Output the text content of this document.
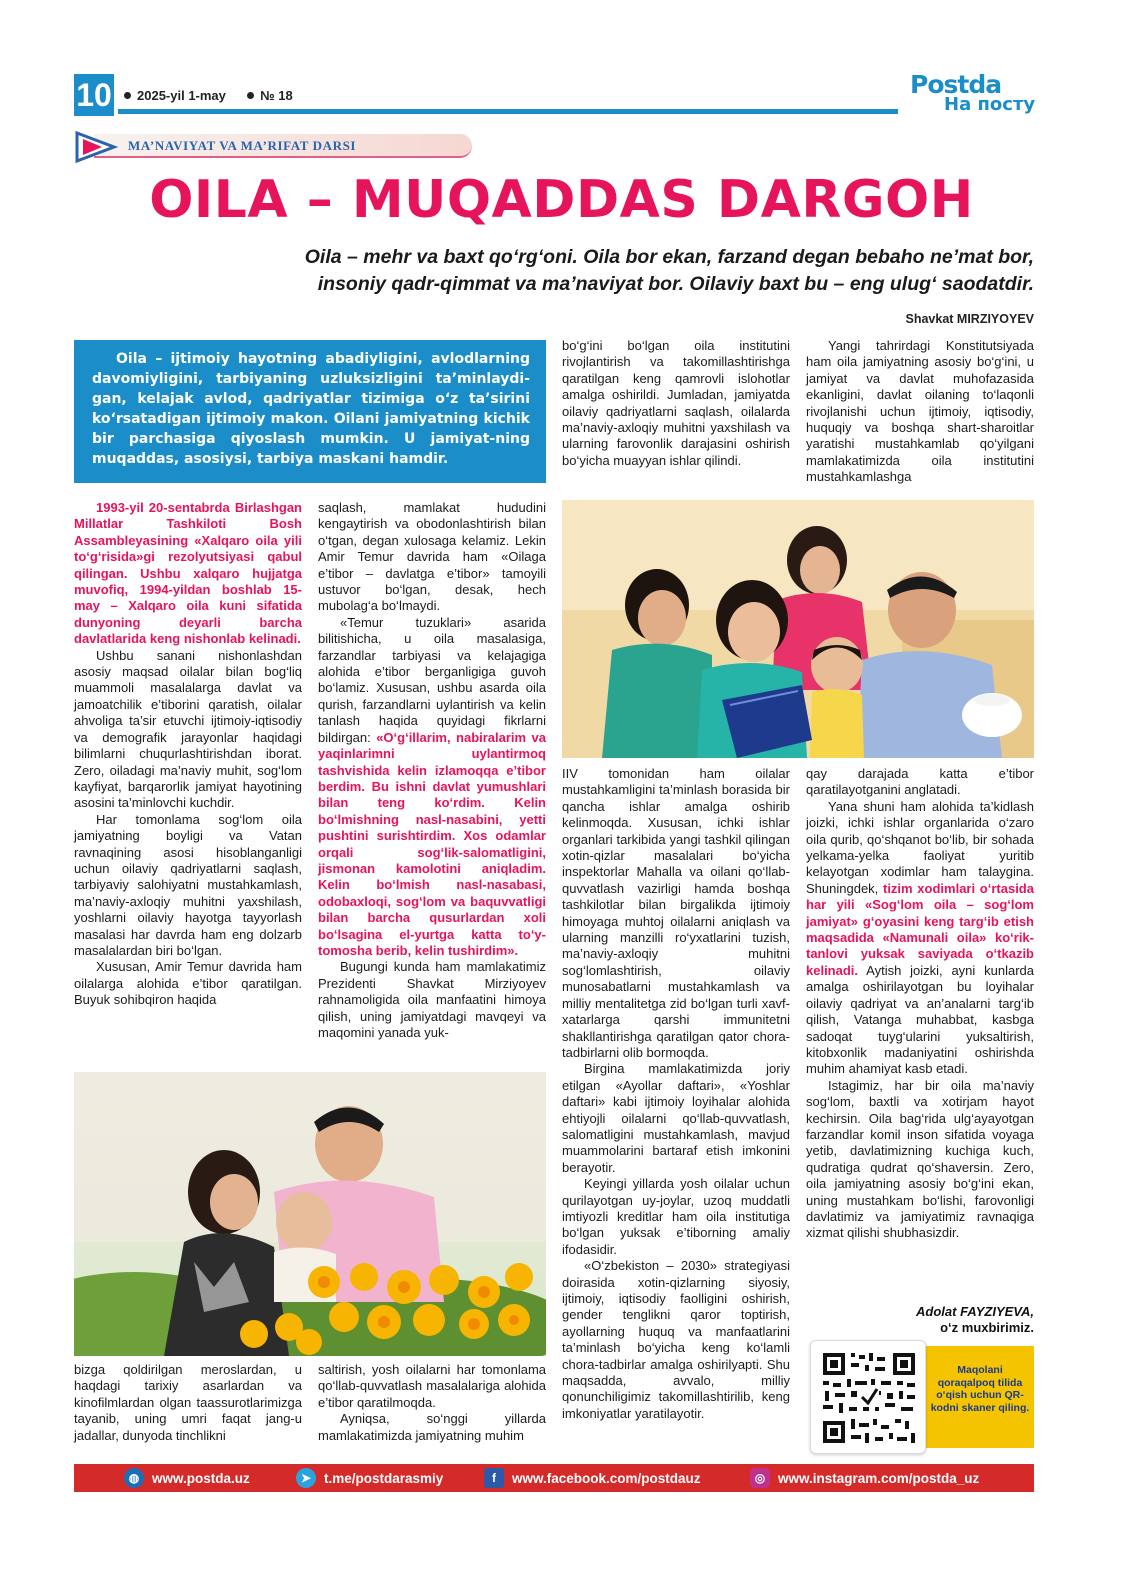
10	2025-yil 1-may	№ 18	Postda
На посту
MA’NAVIYAT VA MA’RIFAT DARSI
OILA – MUQADDAS DARGOH
Oila – mehr va baxt qo‘rg‘oni. Oila bor ekan, farzand degan bebaho ne’mat bor,
insoniy qadr-qimmat va ma’naviyat bor. Oilaviy baxt bu – eng ulug‘ saodatdir.
Shavkat MIRZIYOYEV
Oila – ijtimoiy hayotning abadiyligini, avlodlarning davomiyligini, tarbiyaning uzluksizligini ta’minlaydi-gan, kelajak avlod, qadriyatlar tizimiga o‘z ta’sirini ko‘rsatadigan ijtimoiy makon. Oilani jamiyatning kichik bir parchasiga qiyoslash mumkin. U jamiyat-ning muqaddas, asosiysi, tarbiya maskani hamdir.

1993-yil 20-sentabrda Birlashgan Millatlar Tashkiloti Bosh Assambleyasining «Xalqaro oila yili to‘g‘risida»gi rezolyutsiyasi qabul qilingan. Ushbu xalqaro hujjatga muvofiq, 1994-yildan boshlab 15-may – Xalqaro oila kuni sifatida dunyoning deyarli barcha davlatlarida keng nishonlab kelinadi.

Ushbu sanani nishonlashdan asosiy maqsad oilalar bilan bog‘liq muammoli masalalarga davlat va jamoatchilik e’tiborini qaratish, oilalar ahvoliga ta’sir etuvchi ijtimoiy-iqtisodiy va demografik jarayonlar haqidagi bilimlarni chuqurlashtirishdan iborat. Zero, oiladagi ma’naviy muhit, sog‘lom kayfiyat, barqarorlik jamiyat hayotining asosini ta’minlovchi kuchdir.

Har tomonlama sog‘lom oila jamiyatning boyligi va Vatan ravnaqining asosi hisoblanganligi uchun oilaviy qadriyatlarni saqlash, tarbiyaviy salohiyatni mustahkamlash, ma’naviy-axloqiy muhitni yaxshilash, yoshlarni oilaviy hayotga tayyorlash masalasi har davrda ham eng dolzarb masalalardan biri bo‘lgan.

Xususan, Amir Temur davrida ham oilalarga alohida e’tibor qaratilgan. Buyuk sohibqiron haqida

saqlash, mamlakat hududini kengaytirish va obodonlashtirish bilan o‘tgan, degan xulosaga kelamiz. Lekin Amir Temur davrida ham «Oilaga e’tibor – davlatga e’tibor» tamoyili ustuvor bo‘lgan, desak, hech mubolag‘a bo‘lmaydi.

«Temur tuzuklari» asarida bilitishicha, u oila masalasiga, farzandlar tarbiyasi va kelajagiga alohida e’tibor berganligiga guvoh bo‘lamiz. Xususan, ushbu asarda oila qurish, farzandlarni uylantirish va kelin tanlash haqida quyidagi fikrlarni bildirgan: «O‘g‘illarim, nabiralarim va yaqinlarimni uylantirmoq tashvishida kelin izlamoqqa e’tibor berdim. Bu ishni davlat yumushlari bilan teng ko‘rdim. Kelin bo‘lmishning nasl-nasabini, yetti pushtini surishtirdim. Xos odamlar orqali sog‘lik-salomatligini, jismonan kamolotini aniqladim. Kelin bo‘lmish nasl-nasabasi, odobaxloqi, sog‘lom va baquvvatligi bilan barcha qusurlardan xoli bo‘lsagina el-yurtga katta to‘y-tomosha berib, kelin tushirdim».

Bugungi kunda ham mamlakatimiz Prezidenti Shavkat Mirziyoyev rahnamoligida oila manfaatini himoya qilish, uning jamiyatdagi mavqeyi va maqomini yanada yuk-

bizga qoldirilgan meroslardan, u haqdagi tarixiy asarlardan va kinofilmlardan olgan taassurotlarimizga tayanib, uning umri faqat jang-u jadallar, dunyoda tinchlikni

saltirish, yosh oilalarni har tomonlama qo‘llab-quvvatlash masalalariga alohida e’tibor qaratilmoqda.

Ayniqsa, so‘nggi yillarda mamlakatimizda jamiyatning muhim

bo‘g‘ini bo‘lgan oila institutini rivojlantirish va takomillashtirishga qaratilgan keng qamrovli islohotlar amalga oshirildi. Jumladan, jamiyatda oilaviy qadriyatlarni saqlash, oilalarda ma’naviy-axloqiy muhitni yaxshilash va ularning farovonlik darajasini oshirish bo‘yicha muayyan ishlar qilindi.

Yangi tahrirdagi Konstitutsiyada ham oila jamiyatning asosiy bo‘g‘ini, u jamiyat va davlat muhofazasida ekanligini, davlat oilaning to‘laqonli rivojlanishi uchun ijtimoiy, iqtisodiy, huquqiy va boshqa shart-sharoitlar yaratishi mustahkamlab qo‘yilgani mamlakatimizda oila institutini mustahkamlashga

IIV tomonidan ham oilalar mustahkamligini ta’minlash borasida bir qancha ishlar amalga oshirib kelinmoqda. Xususan, ichki ishlar organlari tarkibida yangi tashkil qilingan xotin-qizlar masalalari bo‘yicha inspektorlar Mahalla va oilani qo‘llab-quvvatlash vazirligi hamda boshqa tashkilotlar bilan birgalikda ijtimoiy himoyaga muhtoj oilalarni aniqlash va ularning manzilli ro‘yxatlarini tuzish, ma’naviy-axloqiy muhitni sog‘lomlashtirish, oilaviy munosabatlarni mustahkamlash va milliy mentalitetga zid bo‘lgan turli xavf-xatarlarga qarshi immunitetni shakllantirishga qaratilgan qator chora-tadbirlarni olib bormoqda.

Birgina mamlakatimizda joriy etilgan «Ayollar daftari», «Yoshlar daftari» kabi ijtimoiy loyihalar alohida ehtiyojli oilalarni qo‘llab-quvvatlash, salomatligini mustahkamlash, mavjud muammolarini bartaraf etish imkonini berayotir.

Keyingi yillarda yosh oilalar uchun qurilayotgan uy-joylar, uzoq muddatli imtiyozli kreditlar ham oila institutiga bo‘lgan yuksak e’tiborning amaliy ifodasidir.

«O‘zbekiston – 2030» strategiyasi doirasida xotin-qizlarning siyosiy, ijtimoiy, iqtisodiy faolligini oshirish, gender tenglikni qaror toptirish, ayollarning huquq va manfaatlarini ta’minlash bo‘yicha keng ko‘lamli chora-tadbirlar amalga oshirilyapti. Shu maqsadda, avvalo, milliy qonunchiligimiz takomillashtirilib, keng imkoniyatlar yaratilayotir.

qay darajada katta e’tibor qaratilayotganini anglatadi.

Yana shuni ham alohida ta’kidlash joizki, ichki ishlar organlarida o‘zaro oila qurib, qo‘shqanot bo‘lib, bir sohada yelkama-yelka faoliyat yuritib kelayotgan xodimlar ham talaygina. Shuningdek, tizim xodimlari o‘rtasida har yili «Sog‘lom oila – sog‘lom jamiyat» g‘oyasini keng targ‘ib etish maqsadida «Namunali oila» ko‘rik-tanlovi yuksak saviyada o‘tkazib kelinadi. Aytish joizki, ayni kunlarda amalga oshirilayotgan bu loyihalar oilaviy qadriyat va an’analarni targ‘ib qilish, Vatanga muhabbat, kasbga sadoqat tuyg‘ularini yuksaltirish, kitobxonlik madaniyatini oshirishda muhim ahamiyat kasb etadi.

Istagimiz, har bir oila ma’naviy sog‘lom, baxtli va xotirjam hayot kechirsin. Oila bag‘rida ulg‘ayayotgan farzandlar komil inson sifatida voyaga yetib, davlatimizning kuchiga kuch, qudratiga qudrat qo‘shaversin. Zero, oila jamiyatning asosiy bo‘g‘ini ekan, uning mustahkam bo‘lishi, farovonligi davlatimiz va jamiyatimiz ravnaqiga xizmat qilishi shubhasizdir.

Adolat FAYZIYEVA,
o‘z muxbirimiz.
Maqolani qoraqalpoq tilida o‘qish uchun QR-kodni skaner qiling.
◍ www.postda.uz	➤ t.me/postdarasmiy	f	www.facebook.com/postdauz	◎ www.instagram.com/postda_uz
